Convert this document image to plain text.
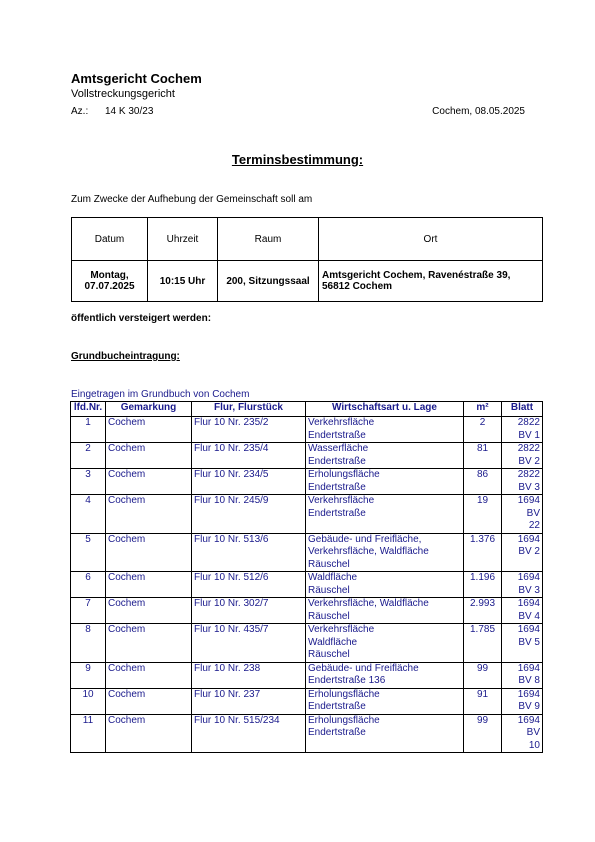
Amtsgericht Cochem
Vollstreckungsgericht
Az.: 14 K 30/23	Cochem, 08.05.2025
Terminsbestimmung:
Zum Zwecke der Aufhebung der Gemeinschaft soll am
Datum	Uhrzeit	Raum	Ort
Montag,
07.07.2025	10:15 Uhr	200, Sitzungssaal	Amtsgericht Cochem, Ravenéstraße 39,
56812 Cochem
öffentlich versteigert werden:
Grundbucheintragung:
Eingetragen im Grundbuch von Cochem
lfd.Nr.	Gemarkung	Flur, Flurstück	Wirtschaftsart u. Lage	m²	Blatt
1	Cochem	Flur 10 Nr. 235/2	Verkehrsfläche
Endertstraße	2	2822
BV 1

2	Cochem	Flur 10 Nr. 235/4	Wasserfläche
Endertstraße	81	2822
BV 2

3	Cochem	Flur 10 Nr. 234/5	Erholungsfläche
Endertstraße	86	2822
BV 3

4	Cochem	Flur 10 Nr. 245/9	Verkehrsfläche
Endertstraße	19	1694
BV
22

5	Cochem	Flur 10 Nr. 513/6	Gebäude- und Freifläche,
Verkehrsfläche, Waldfläche
Räuschel	1.376	1694
BV 2

6	Cochem	Flur 10 Nr. 512/6	Waldfläche
Räuschel	1.196	1694
BV 3

7	Cochem	Flur 10 Nr. 302/7	Verkehrsfläche, Waldfläche
Räuschel	2.993	1694
BV 4

8	Cochem	Flur 10 Nr. 435/7	Verkehrsfläche
Waldfläche
Räuschel	1.785	1694
BV 5

9	Cochem	Flur 10 Nr. 238	Gebäude- und Freifläche
Endertstraße 136	99	1694
BV 8

10	Cochem	Flur 10 Nr. 237	Erholungsfläche
Endertstraße	91	1694
BV 9

11	Cochem	Flur 10 Nr. 515/234	Erholungsfläche
Endertstraße	99	1694
BV
10
